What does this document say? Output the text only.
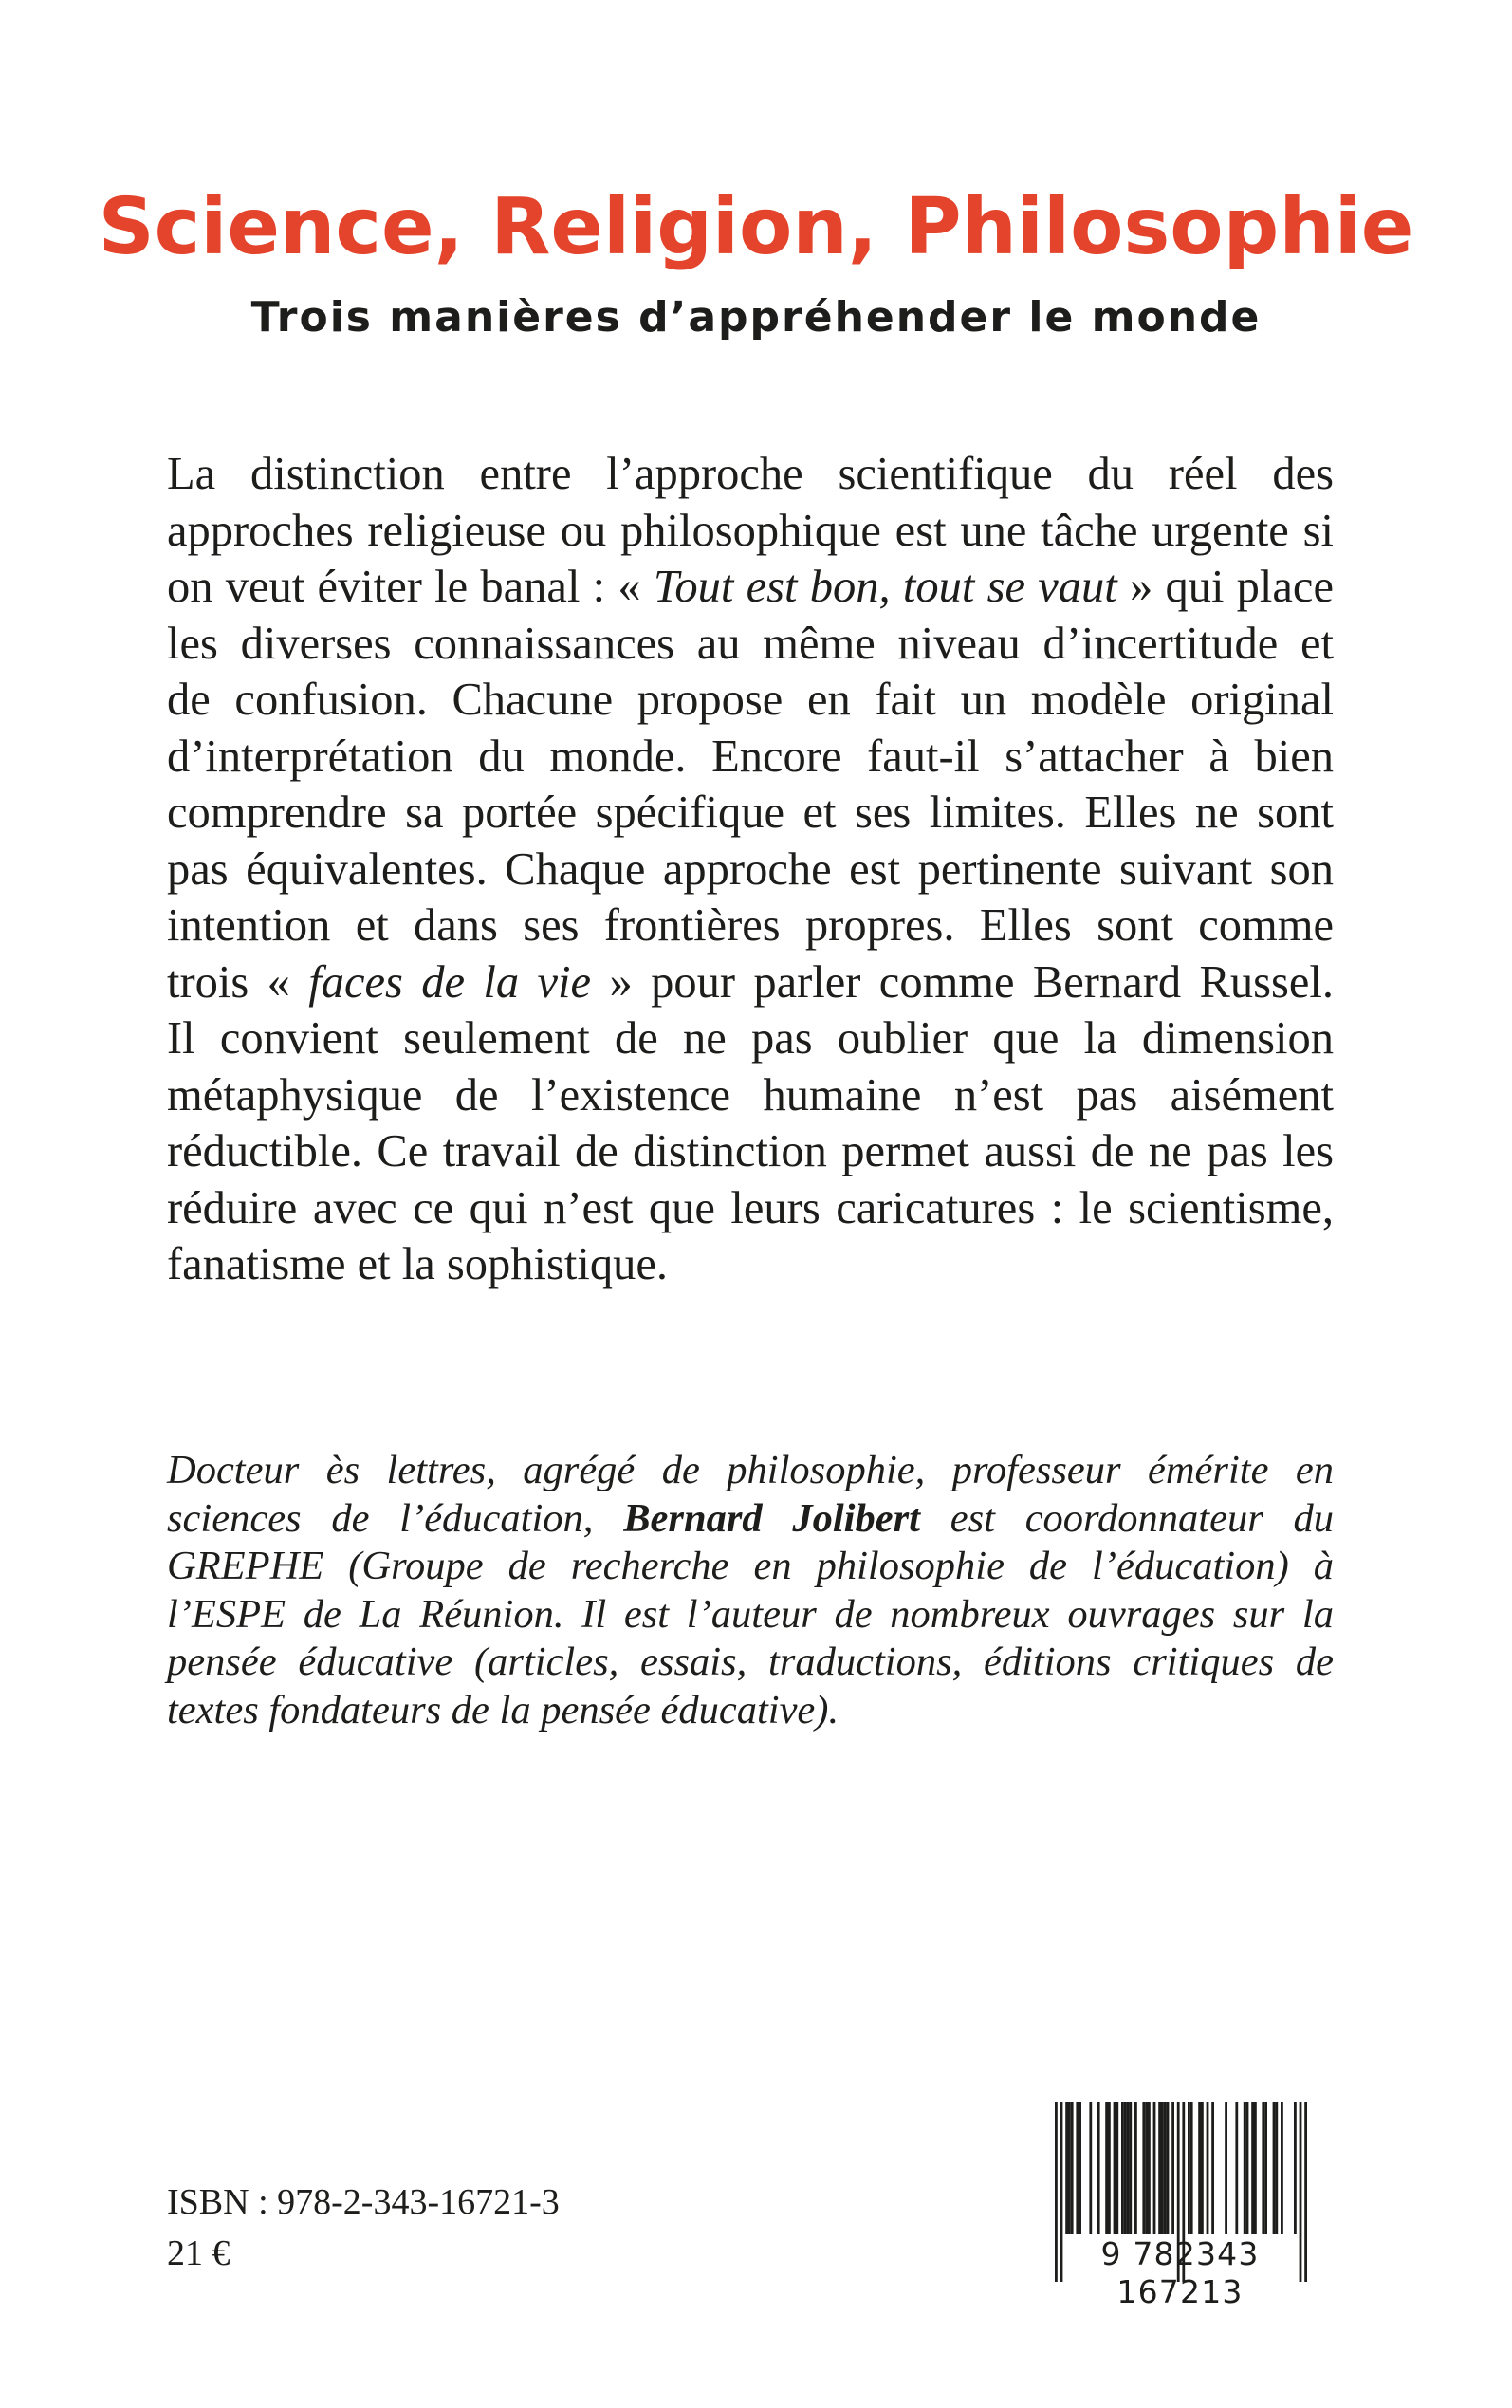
Science, Religion, Philosophie
Trois manières d’appréhender le monde
La distinction entre l’approche scientifique du réel des
approches religieuse ou philosophique est une tâche urgente si
on veut éviter le banal : « Tout est bon, tout se vaut » qui place
les diverses connaissances au même niveau d’incertitude et
de confusion. Chacune propose en fait un modèle original
d’interprétation du monde. Encore faut-il s’attacher à bien
comprendre sa portée spécifique et ses limites. Elles ne sont
pas équivalentes. Chaque approche est pertinente suivant son
intention et dans ses frontières propres. Elles sont comme
trois « faces de la vie » pour parler comme Bernard Russel.
Il convient seulement de ne pas oublier que la dimension
métaphysique de l’existence humaine n’est pas aisément
réductible. Ce travail de distinction permet aussi de ne pas les
réduire avec ce qui n’est que leurs caricatures : le scientisme,
fanatisme et la sophistique.
Docteur ès lettres, agrégé de philosophie, professeur émérite en
sciences de l’éducation, Bernard Jolibert est coordonnateur du
GREPHE (Groupe de recherche en philosophie de l’éducation) à
l’ESPE de La Réunion. Il est l’auteur de nombreux ouvrages sur la
pensée éducative (articles, essais, traductions, éditions critiques de
textes fondateurs de la pensée éducative).
ISBN : 978-2-343-16721-3
21 €	9 782343 167213
